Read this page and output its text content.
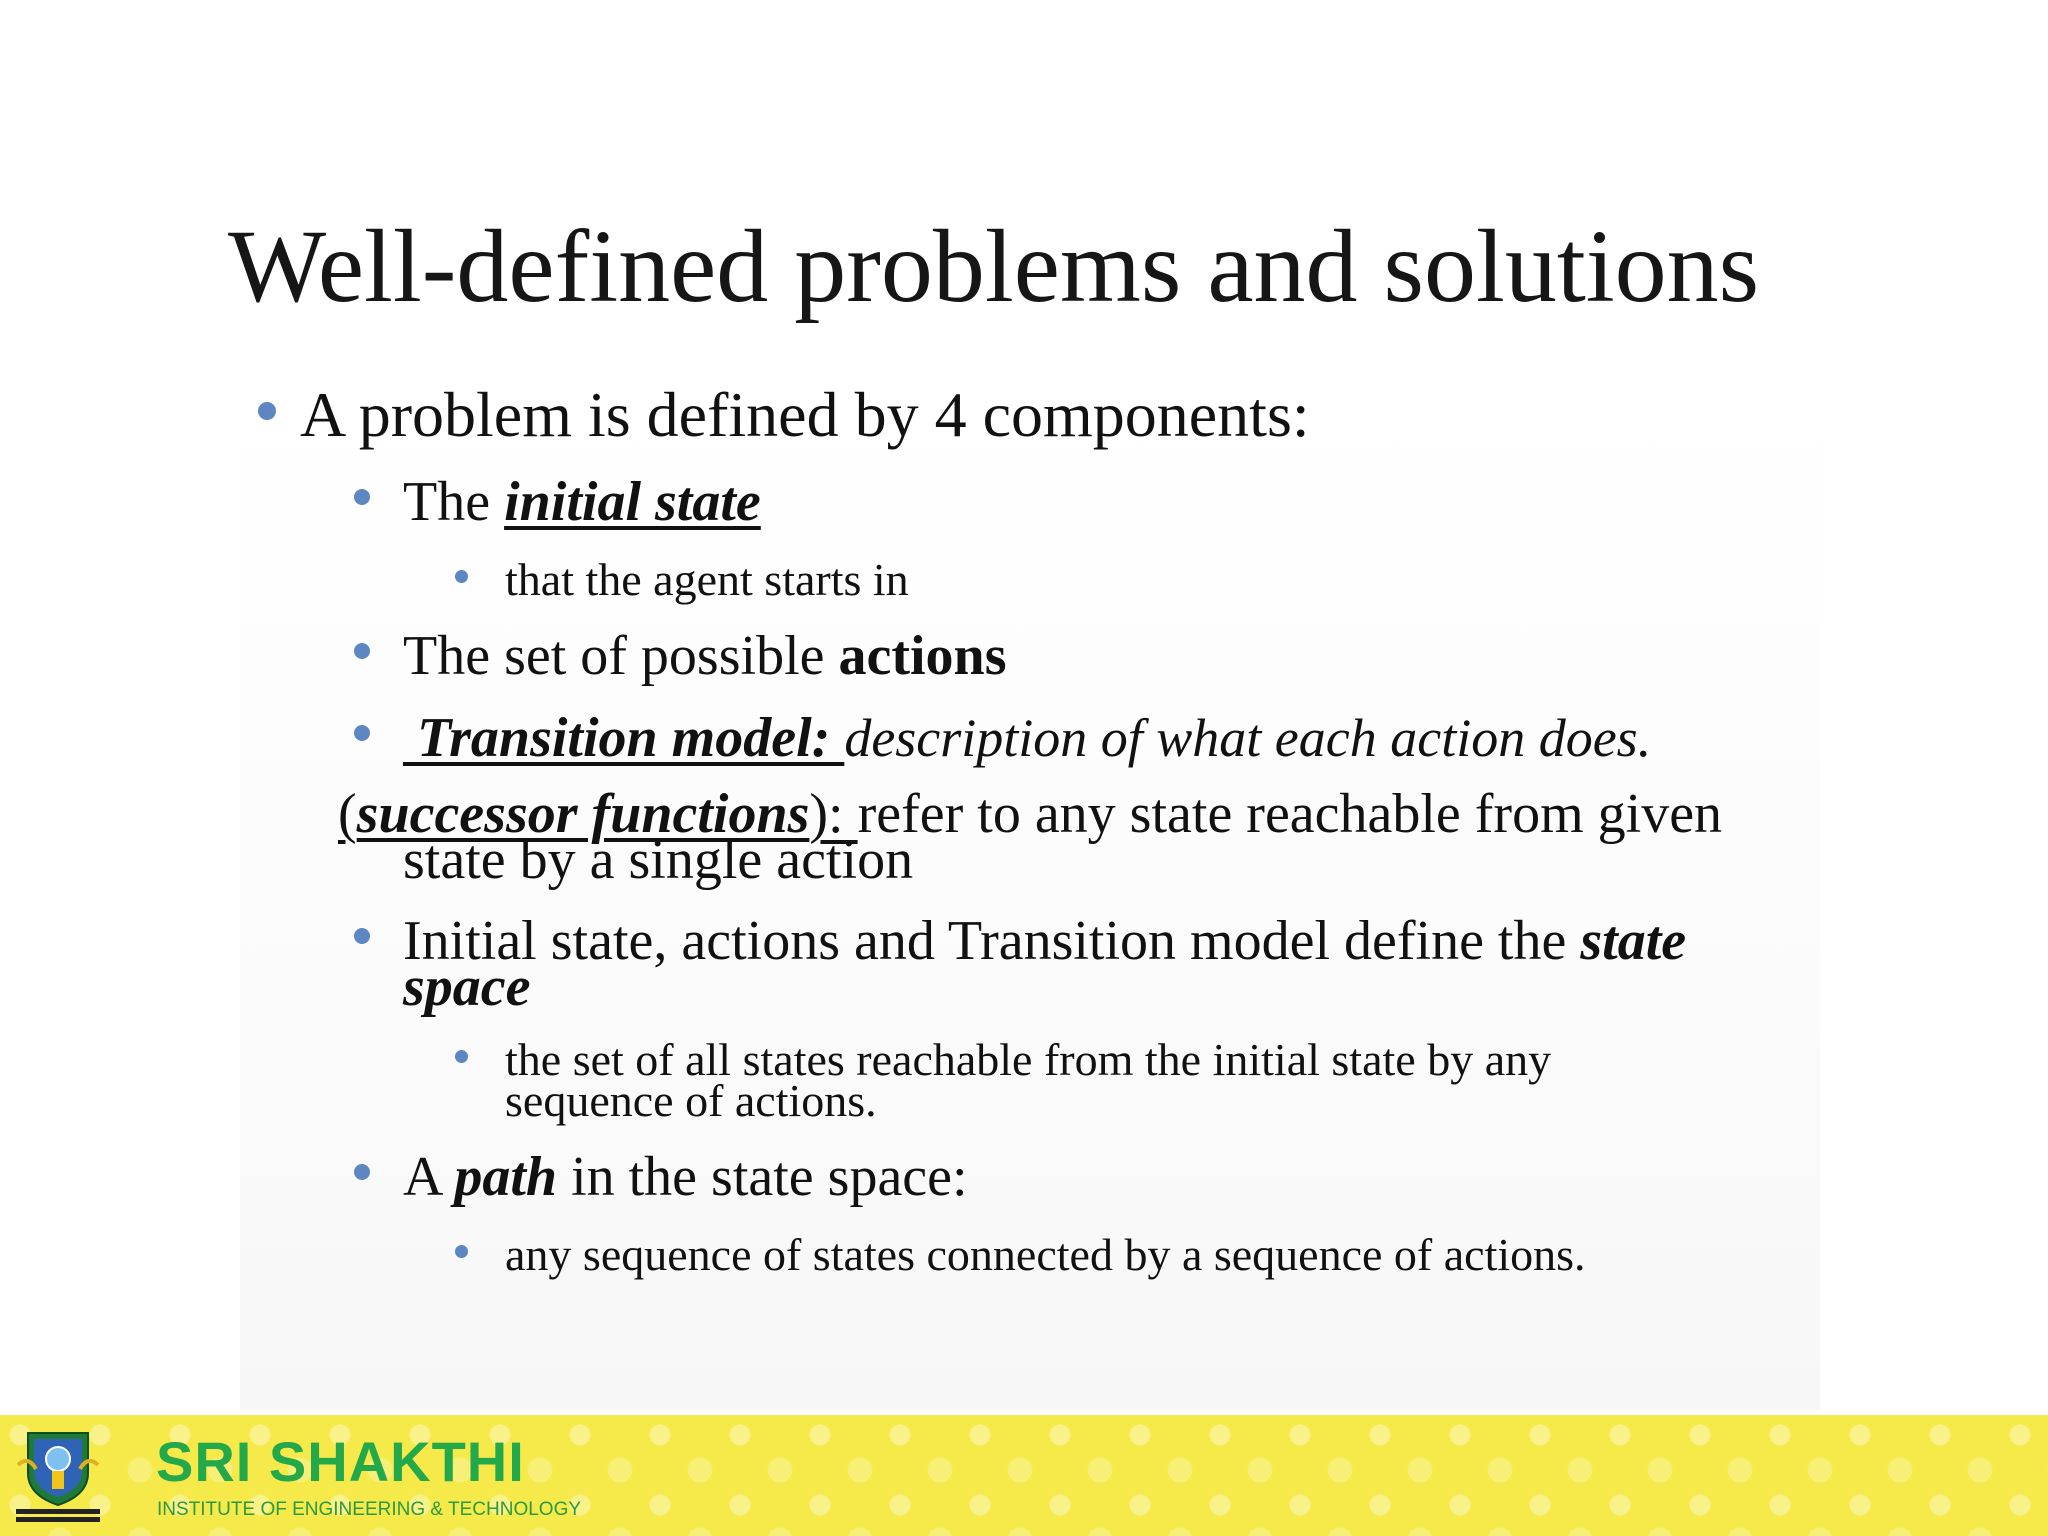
Well-defined problems and solutions
A problem is defined by 4 components:
The initial state
that the agent starts in
The set of possible actions
Transition model: description of what each action does.
(successor functions): refer to any state reachable from given
state by a single action
Initial state, actions and Transition model define the state
space
the set of all states reachable from the initial state by any
sequence of actions.
A path in the state space:
any sequence of states connected by a sequence of actions.
SRI SHAKTHI
INSTITUTE OF ENGINEERING & TECHNOLOGY
